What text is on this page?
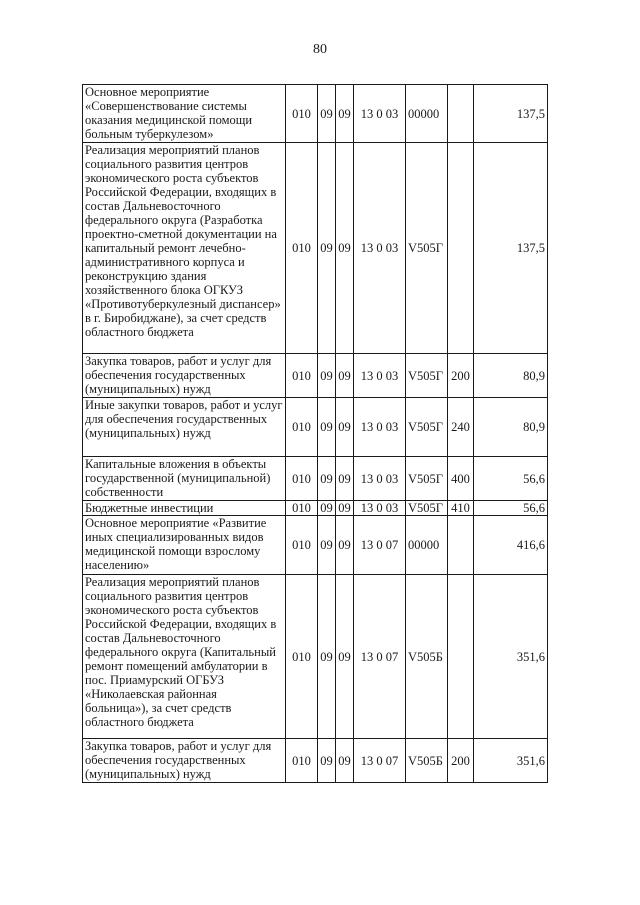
80
Основное мероприятие «Совершенствование системы оказания медицинской помощи больным туберкулезом»	010	09	09	13 0 03	00000		137,5
Реализация мероприятий планов социального развития центров экономического роста субъектов Российской Федерации, входящих в состав Дальневосточного федерального округа (Разработка проектно-сметной документации на капитальный ремонт лечебно-административного корпуса и реконструкцию здания хозяйственного блока ОГКУЗ «Противотуберкулезный диспансер» в г. Биробиджане), за счет средств областного бюджета	010	09	09	13 0 03	V505Г		137,5
Закупка товаров, работ и услуг для обеспечения государственных (муниципальных) нужд	010	09	09	13 0 03	V505Г	200	80,9
Иные закупки товаров, работ и услуг для обеспечения государственных (муниципальных) нужд	010	09	09	13 0 03	V505Г	240	80,9
Капитальные вложения в объекты государственной (муниципальной) собственности	010	09	09	13 0 03	V505Г	400	56,6
Бюджетные инвестиции	010	09	09	13 0 03	V505Г	410	56,6
Основное мероприятие «Развитие иных специализированных видов медицинской помощи взрослому населению»	010	09	09	13 0 07	00000		416,6
Реализация мероприятий планов социального развития центров экономического роста субъектов Российской Федерации, входящих в состав Дальневосточного федерального округа (Капитальный ремонт помещений амбулатории в пос. Приамурский ОГБУЗ «Николаевская районная больница»), за счет средств областного бюджета	010	09	09	13 0 07	V505Б		351,6
Закупка товаров, работ и услуг для обеспечения государственных (муниципальных) нужд	010	09	09	13 0 07	V505Б	200	351,6
